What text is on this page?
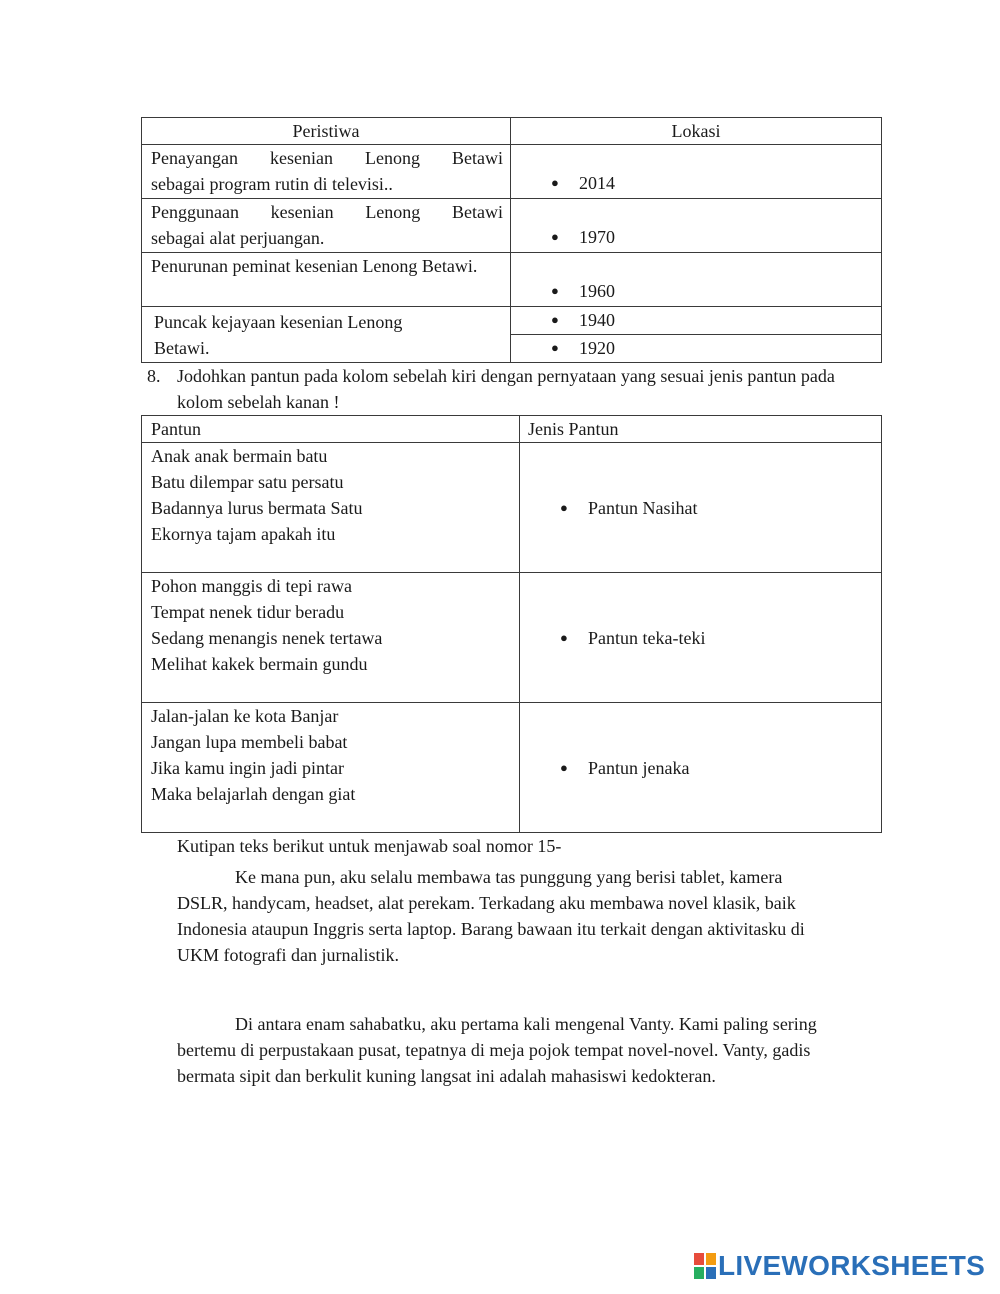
Peristiwa	Lokasi

Penayangan kesenian Lenong Betawi
sebagai program rutin di televisi..	● 2014

Penggunaan kesenian Lenong Betawi
sebagai alat perjuangan.	● 1970

Penurunan peminat kesenian Lenong Betawi.	● 1960

Puncak kejayaan kesenian Lenong
Betawi.	● 1940

	● 1920
8. Jodohkan pantun pada kolom sebelah kiri dengan pernyataan yang sesuai jenis pantun pada
kolom sebelah kanan !
Pantun	Jenis Pantun

Anak anak bermain batu
Batu dilempar satu persatu
Badannya lurus bermata Satu
Ekornya tajam apakah itu	● Pantun Nasihat

Pohon manggis di tepi rawa
Tempat nenek tidur beradu
Sedang menangis nenek tertawa
Melihat kakek bermain gundu	● Pantun teka-teki

Jalan-jalan ke kota Banjar
Jangan lupa membeli babat
Jika kamu ingin jadi pintar
Maka belajarlah dengan giat	● Pantun jenaka
Kutipan teks berikut untuk menjawab soal nomor 15-
Ke mana pun, aku selalu membawa tas punggung yang berisi tablet, kamera
DSLR, handycam, headset, alat perekam. Terkadang aku membawa novel klasik, baik
Indonesia ataupun Inggris serta laptop. Barang bawaan itu terkait dengan aktivitasku di
UKM fotografi dan jurnalistik.
Di antara enam sahabatku, aku pertama kali mengenal Vanty. Kami paling sering
bertemu di perpustakaan pusat, tepatnya di meja pojok tempat novel-novel. Vanty, gadis
bermata sipit dan berkulit kuning langsat ini adalah mahasiswi kedokteran.
LIVEWORKSHEETS
